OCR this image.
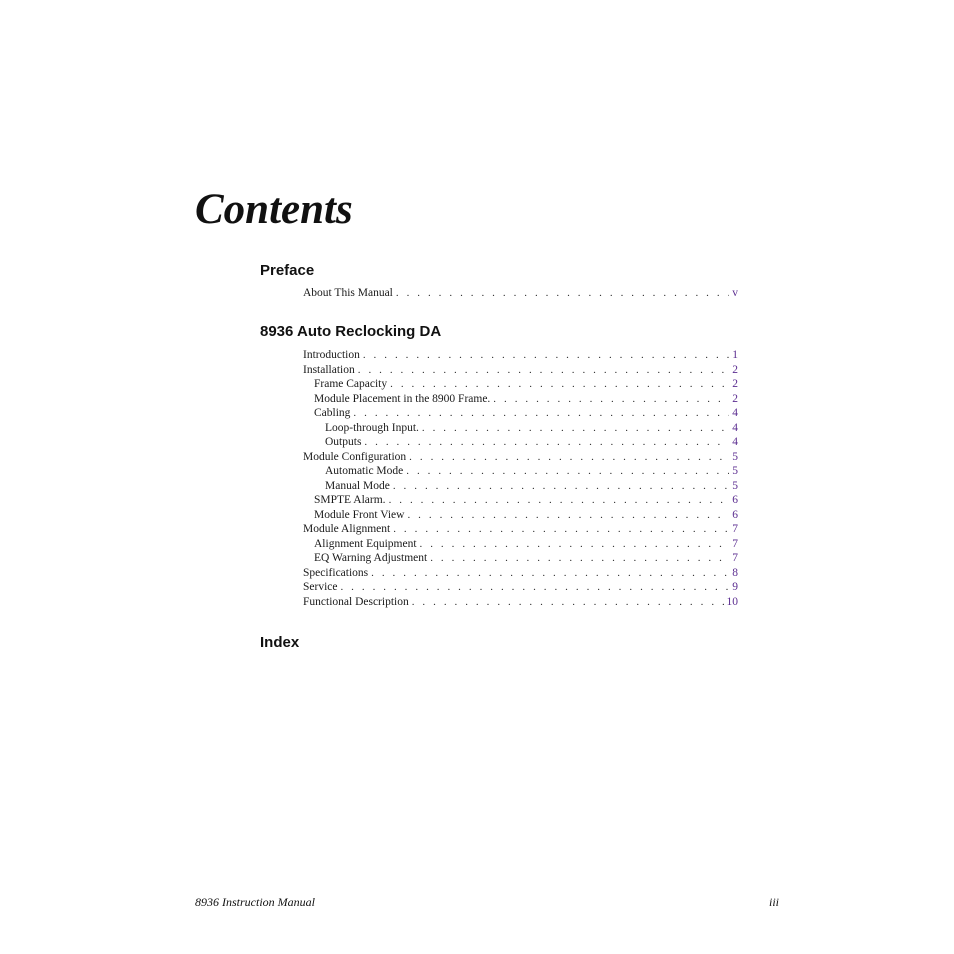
Contents
Preface
About This Manual . . .	v
8936 Auto Reclocking DA
Introduction . . .	1
Installation . . .	2
Frame Capacity . . .	2
Module Placement in the 8900 Frame. . . .	2
Cabling . . .	4
Loop-through Input. . . .	4
Outputs . . .	4
Module Configuration . . .	5
Automatic Mode . . .	5
Manual Mode . . .	5
SMPTE Alarm. . . .	6
Module Front View . . .	6
Module Alignment . . .	7
Alignment Equipment . . .	7
EQ Warning Adjustment . . .	7
Specifications . . .	8
Service . . .	9
Functional Description . . .	10
Index

8936 Instruction Manual	iii
